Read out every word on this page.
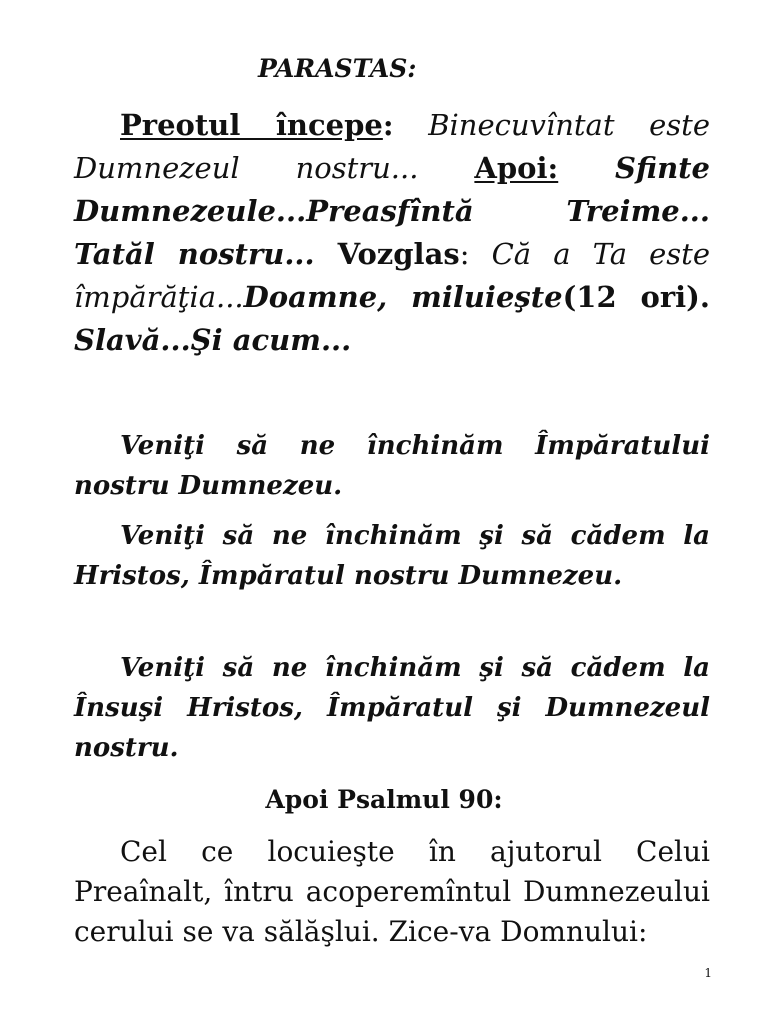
PARASTAS:
Preotul începe: Binecuvîntat este Dumnezeul nostru... Apoi: Sfinte Dumnezeule...Preasfîntă Treime... Tatăl nostru... Vozglas: Că a Ta este împărăţia...Doamne, miluieşte(12 ori). Slavă...Şi acum...
Veniţi să ne închinăm Împăratului nostru Dumnezeu.
Veniţi să ne închinăm şi să cădem la Hristos, Împăratul nostru Dumnezeu.
Veniţi să ne închinăm şi să cădem la Însuşi Hristos, Împăratul şi Dumnezeul nostru.
Apoi Psalmul 90:
Cel ce locuieşte în ajutorul Celui Preaînalt, întru acoperemîntul Dumnezeului cerului se va sălăşlui. Zice-va Domnului:
1
